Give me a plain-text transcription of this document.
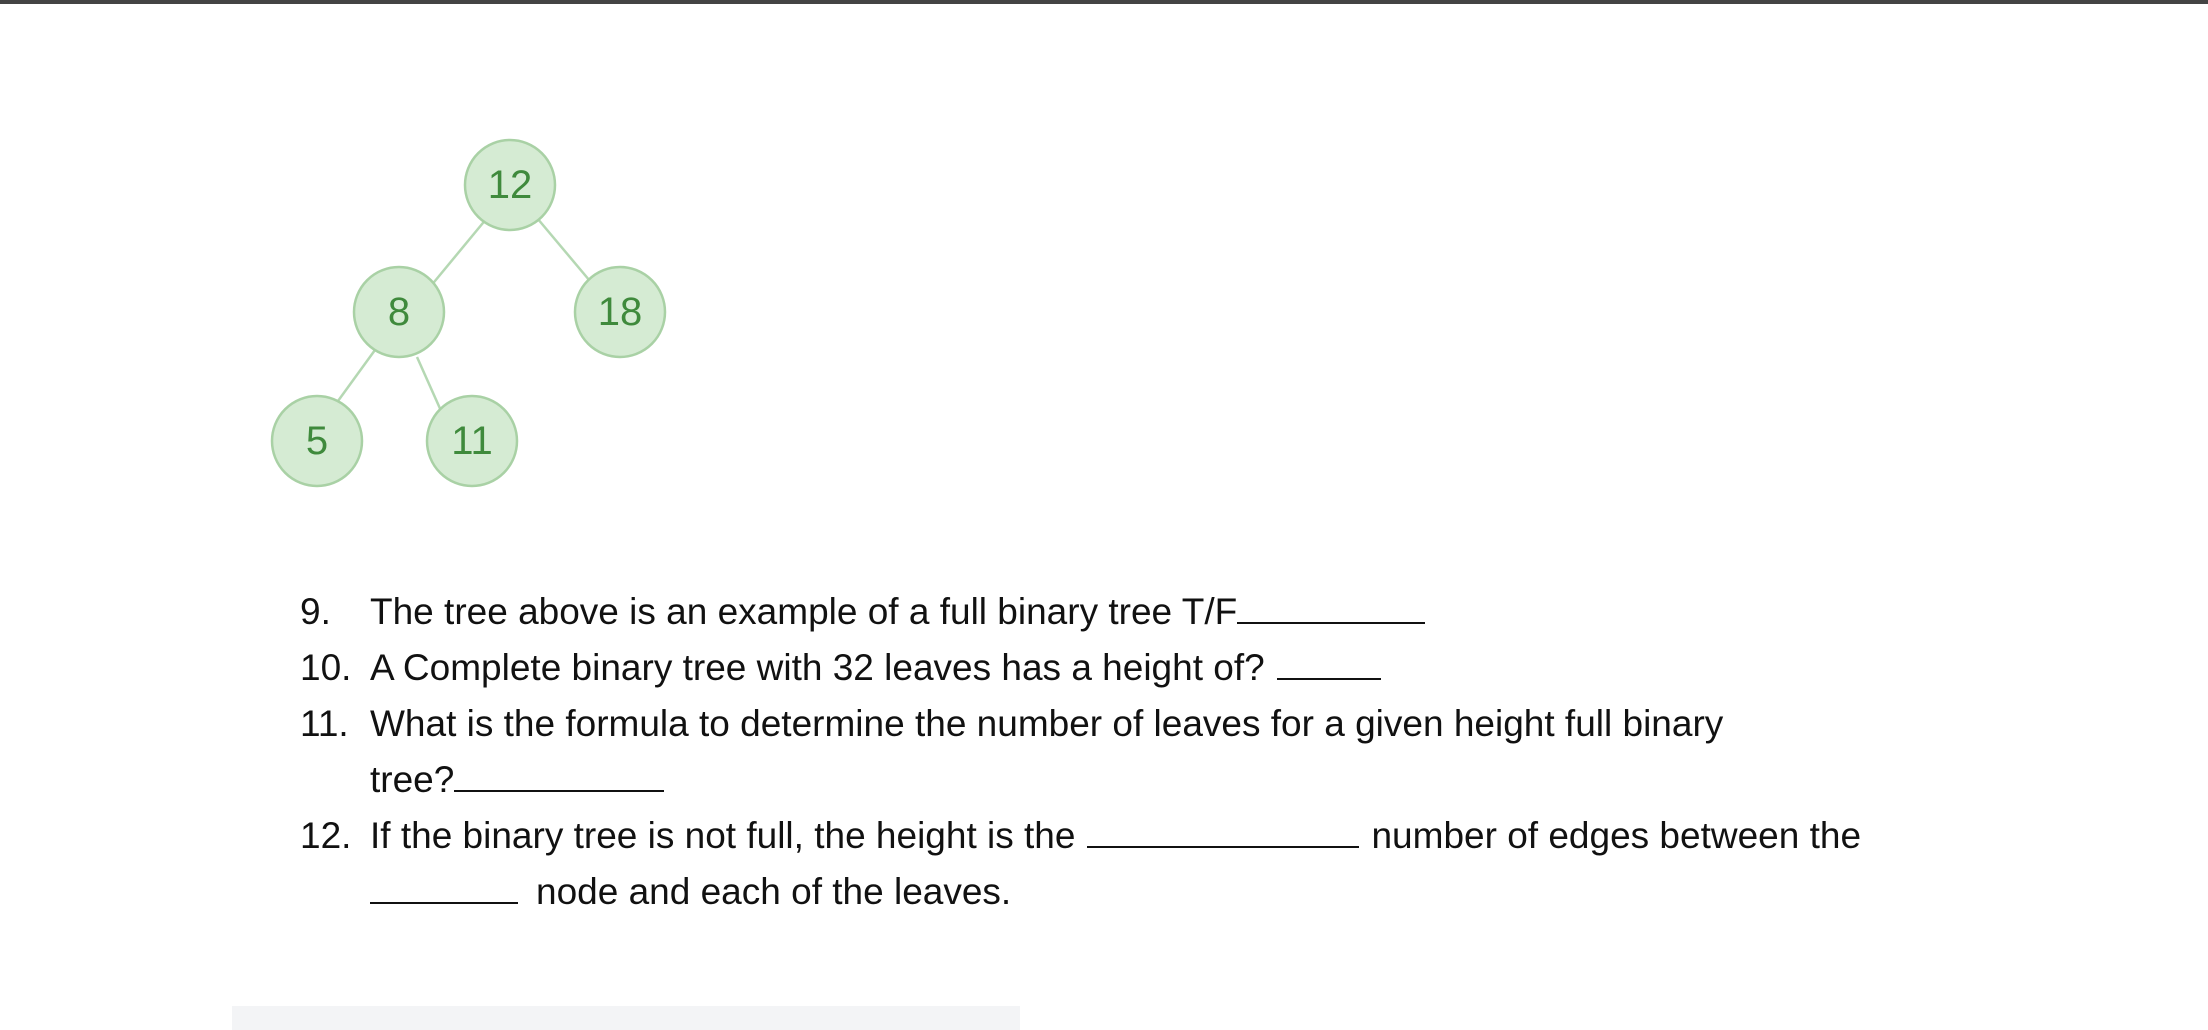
12
8	18
5	11
9.	The tree above is an example of a full binary tree T/F
10. A Complete binary tree with 32 leaves has a height of?
11. What is the formula to determine the number of leaves for a given height full binary
tree?
12. If the binary tree is not full, the height is the	number of edges between the
node and each of the leaves.
